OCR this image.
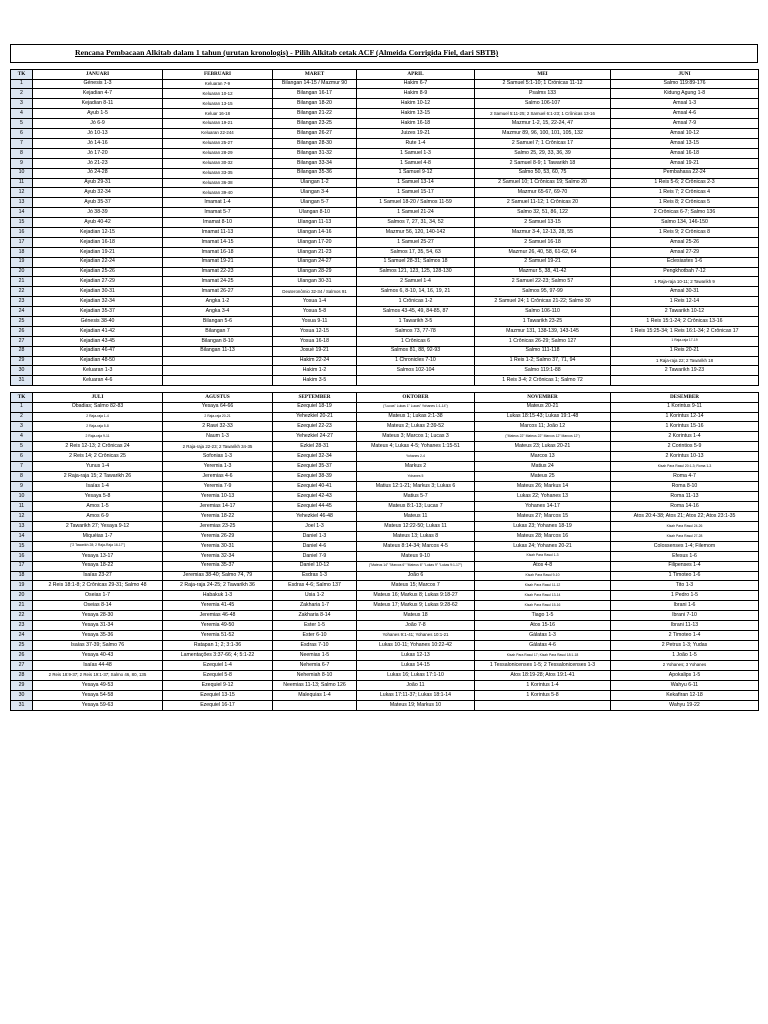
Rencana Pembacaan Alkitab dalam 1 tahun (urutan kronologis) - Pilih Alkitab cetak ACF (Almeida Corrigida Fiel, dari SBTB)
TK	JANUARI	FEBRUARI	MARET	APRIL	MEI	JUNI
1	Génesis 1-3	Keluaran 7-9	Bilangan 14-15 / Mazmur 90	Hakim 6-7	2 Samuel 5:1-10; 1 Crónicas 11-12	Salmo 119:89-176
2	Kejadian 4-7	Keluaran 10-12	Bilangan 16-17	Hakim 8-9	Psalms 133	Kidung Agung 1-8
3	Kejadian 8-11	Keluaran 13-15	Bilangan 18-20	Hakim 10-12	Salmo 106-107	Amsal 1-3
4	Ayub 1-5	Keluar 16-18	Bilangan 21-22	Hakim 13-15	2 Samuel 5:11-25; 2 Samuel 6:1-23; 1 Crônicas 13-16	Amsal 4-6
5	Jó 6-9	Keluaran 19-21	Bilangan 23-25	Hakim 16-18	Mazmur 1-2, 15, 22-24, 47	Amsal 7-9
6	Jó 10-13	Keluaran 22-244	Bilangan 26-27	Juizes 19-21	Mazmur 89, 96, 100, 101, 105, 132	Amsal 10-12
7	Jó 14-16	Keluaran 25-27	Bilangan 28-30	Rute 1-4	2 Samuel 7; 1 Crônicas 17	Amsal 13-15
8	Jó 17-20	Keluaran 28-29	Bilangan 31-32	1 Samuel 1-3	Salmo 25, 29, 33, 36, 39	Amsal 16-18
9	Jó 21-23	Keluaran 30-32	Bilangan 33-34	1 Samuel 4-8	2 Samuel 8-9; 1 Tawarikh 18	Amsal 19-21
10	Jó 24-28	Keluaran 33-35	Bilangan 35-36	1 Samuel 9-12	Salmo 50, 53, 60, 75	Pembahasa 22-24
11	Ayub 29-31	Keluaran 36-38	Ulangan 1-2	1 Samuel 13-14	2 Samuel 10; 1 Crônicas 19; Salmo 20	1 Reis 5-6; 2 Crônicas 2-3
12	Ayub 32-34	Keluaran 39-40	Ulangan 3-4	1 Samuel 15-17	Mazmur 65-67, 69-70	1 Reis 7; 2 Crônicas 4
13	Ayub 35-37	Imamat 1-4	Ulangan 5-7	1 Samuel 18-20 / Salmos 11-59	2 Samuel 11-12; 1 Crônicas 20	1 Reis 8; 2 Crônicas 5
14	Jó 38-39	Imamat 5-7	Ulangan 8-10	1 Samuel 21-24	Salmo 32, 51, 86, 122	2 Crônicas 6-7; Salmo 136
15	Ayub 40-42	Imamat 8-10	Ulangan 11-13	Salmos 7, 27, 31, 34, 52	2 Samuel 13-15	Salmo 134, 146-150
16	Kejadian 12-15	Imamat 11-13	Ulangan 14-16	Mazmur 56, 120, 140-142	Mazmur 3-4, 12-13, 28, 55	1 Reis 9; 2 Crônicas 8
17	Kejadian 16-18	Imamat 14-15	Ulangan 17-20	1 Samuel 25-27	2 Samuel 16-18	Amsal 25-26
18	Kejadian 19-21	Imamat 16-18	Ulangan 21-23	Salmos 17, 35, 54, 63	Mazmur 26, 40, 58, 61-62, 64	Amsal 27-29
19	Kejadian 22-24	Imamat 19-21	Ulangan 24-27	1 Samuel 28-31; Salmos 18	2 Samuel 19-21	Eclesiastes 1-6
20	Kejadian 25-26	Imamat 22-23	Ulangan 28-29	Salmos 121, 123, 125, 128-130	Mazmur 5, 38, 41-42	Pengkhotbah 7-12
21	Kejadian 27-29	Imamat 24-25	Ulangan 30-31	2 Samuel 1-4	2 Samuel 22-23; Salmo 57	1 Raja-raja 10-11; 2 Tawarikh 9
22	Kejadian 30-31	Imamat 26-27	Deuteronômio 32-34 / Salmos 91	Salmos 6, 8-10, 14, 16, 19, 21	Salmos 95, 97-99	Amsal 30-31
23	Kejadian 32-34	Angka 1-2	Yosua 1-4	1 Crônicas 1-2	2 Samuel 24; 1 Crônicas 21-22; Salmo 30	1 Reis 12-14
24	Kejadian 35-37	Angka 3-4	Yosua 5-8	Salmos 43-45, 49, 84-85, 87	Salmo 106-110	2 Tawarikh 10-12
25	Génesis 38-40	Bilangan 5-6	Yosua 9-11	1 Tawarikh 3-5	1 Tawarikh 23-25	1 Reis 15:1-24; 2 Crônicas 13-16
26	Kejadian 41-42	Bilangan 7	Yosua 12-15	Salmos 73, 77-78	Mazmur 131, 138-139, 143-145	1 Reis 15:25-34; 1 Reis 16:1-34; 2 Crônicas 17
27	Kejadian 43-45	Bilangan 8-10	Yosua 16-18	1 Crônicas 6	1 Crônicas 26-29; Salmo 127	1 Raja-raja 17-19
28	Kejadian 46-47	Bilangan 11-13	Josué 19-21	Salmos 81, 88, 92-93	Salmo 111-118	1 Reis 20-21
29	Kejadian 48-50		Hakim 22-24	1 Chronicles 7-10	1 Reis 1-2; Salmo 37, 71, 94	1 Raja-raja 22; 2 Tawarikh 18
30	Keluaran 1-3		Hakim 1-2	Salmos 102-104	Salmo 119:1-88	2 Tawarikh 19-23
31	Keluaran 4-6		Hakim 3-5		1 Reis 3-4; 2 Crônicas 1; Salmo 72	
TK	JULI	AGUSTUS	SEPTEMBER	OKTOBER	NOVEMBER	DESEMBER
1	Obadias; Salmo 82-83	Yesaya 64-66	Ezequiel 18-19	("Lucas" Lukas 1" Lucas" Yohanes 1:1-14")	Mateus 20-21	1 Korintus 9-11
2	2 Raja-raja 1-4	2 Raja-raja 20-21	Yehezkiel 20-21	Mateus 1; Lukas 2:1-38	Lukas 18:15-43; Lukas 19:1-48	1 Korintus 12-14
3	2 Raja-raja 5-8	2 Rawi 32-33	Ezequiel 22-23	Mateus 2; Lukas 2:39-52	Marcos 11; João 12	1 Korintus 15-16
4	2 Raja-raja 9-11	Naum 1-3	Yehezkiel 24-27	Mateus 3; Marcos 1; Lucas 3	("Mateus 22" Mateus 22" Marcos 12" Marcos 12")	2 Korintus 1-4
5	2 Reis 12-13; 2 Crônicas 24	2 Raja-raja 22-23; 2 Tawarikh 34-35	Ezkiel 28-31	Mateus 4; Lukas 4-5; Yohanes 1:15-51	Mateus 23; Lukas 20-21	2 Corintios 5-9
6	2 Reis 14; 2 Crônicas 25	Sofonias 1-3	Ezequiel 32-34	Yohanes 2-4	Marcos 13	2 Korintus 10-13
7	Yunus 1-4	Yeremia 1-3	Ezequiel 35-37	Markus 2	Matius 24	Kisah Para Rasul 20:1-3; Roma 1-3
8	2 Raja-raja 15; 2 Tawarikh 26	Jeremias 4-6	Ezequiel 38-39	Yohanes 5	Mateus 25	Roma 4-7
9	Isaías 1-4	Yeremia 7-9	Ezequiel 40-41	Matius 12:1-21; Markus 3; Lukas 6	Mateus 26; Markus 14	Roma 8-10
10	Yesaya 5-8	Yeremia 10-13	Ezequiel 42-43	Matius 5-7	Lukas 22; Yohanes 13	Roma 11-13
11	Amos 1-5	Jeremias 14-17	Ezequiel 44-45	Mateus 8:1-13; Lucas 7	Yohanes 14-17	Roma 14-16
12	Amos 6-9	Yeremia 18-22	Yehezkiel 46-48	Mateus 11	Mateus 27; Marcos 15	Atos 20:4-38; Atos 21; Atos 22; Atos 23:1-35
13	2 Tawarikh 27; Yesaya 9-12	Jeremias 23-25	Joel 1-3	Mateus 12:22-50; Lukas 11	Lukas 23; Yohanes 18-19	Kisah Para Rasul 24-26
14	Miquéias 1-7	Yeremia 26-29	Daniel 1-3	Mateus 13; Lukas 8	Mateus 28; Marcos 16	Kisah Para Rasul 27-28
15	["2 Tawarikh 28; 2 Raja-Raja 16-17"]	Yeremia 30-31	Daniel 4-6	Mateus 8:14-34; Marcos 4-5	Lukas 24; Yohanes 20-21	Colossenses 1-4; Filemom
16	Yesaya 13-17	Yeremia 32-34	Daniel 7-9	Mateus 9-10	Kisah Para Rasul 1-3	Efesus 1-6
17	Yesaya 18-22	Yeremia 35-37	Daniel 10-12	("Mateus 14" "Marcos 6" "Mateus 6" "Lukas 9" "Lukas 9:1-17")	Atos 4-8	Filipenses 1-4
18	Isaías 23-27	Jeremias 38-40; Salmo 74, 79	Esdras 1-3	João 6	Kisah Para Rasul 9-10	1 Timoteo 1-6
19	2 Reis 18:1-8; 2 Crônicas 29-31; Salmo 48	2 Raja-raja 24-25; 2 Tawarikh 36	Esdras 4-6; Salmo 137	Mateus 15; Marcos 7	Kisah Para Rasul 11-12	Tito 1-3
20	Oseias 1-7	Habakuk 1-3	Usia 1-2	Mateus 16; Markus 8; Lukas 9:18-27	Kisah Para Rasul 13-14	1 Pedro 1-5
21	Oseias 8-14	Yeremia 41-45	Zakharia 1-7	Mateus 17; Markus 9; Lukas 9:28-62	Kisah Para Rasul 15-16	Ibrani 1-6
22	Yesaya 28-30	Jeremias 46-48	Zakharia 8-14	Mateus 18	Tiago 1-5	Ibrani 7-10
23	Yesaya 31-34	Yeremia 49-50	Ester 1-5	João 7-8	Atos 15-16	Ibrani 11-13
24	Yesaya 35-36	Yeremia 51-52	Ester 6-10	Yohanes 9:1-41; Yohanes 10:1-21	Gálatas 1-3	2 Timoteo 1-4
25	Isaías 37-39; Salmo 76	Ratapan 1; 2; 3:1-36	Esdras 7-10	Lukas 10-11; Yohanes 10:22-42	Gálatas 4-6	2 Petrus 1-3; Yudas
26	Yesaya 40-43	Lamentações 3:37-66; 4; 5:1-22	Neemias 1-5	Lukas 12-13	Kisah Para Rasul 17; Kisah Para Rasul 18:1-18	1 João 1-5
27	Isaías 44-48	Ezequiel 1-4	Nehemia 6-7	Lukas 14-15	1 Tessalonicenses 1-5; 2 Tessalonicenses 1-3	2 Yohanes; 3 Yohanes
28	2 Reis 18:9-37; 2 Reis 19:1-37; Salmo 46, 80, 135	Ezequiel 5-8	Nehemiah 8-10	Lukas 16; Lukas 17:1-10	Atos 18:19-28; Atos 19:1-41	Apokalips 1-5
29	Yesaya 49-53	Ezequiel 9-12	Neemias 11-13; Salmo 126	João 11	1 Korintus 1-4	Wahyu 6-11
30	Yesaya 54-58	Ezequiel 13-15	Malequias 1-4	Lukas 17:11-37; Lukas 18:1-14	1 Korintus 5-8	Kekafiran 12-18
31	Yesaya 59-63	Ezequiel 16-17		Mateus 19; Markus 10		Wahyu 19-22
